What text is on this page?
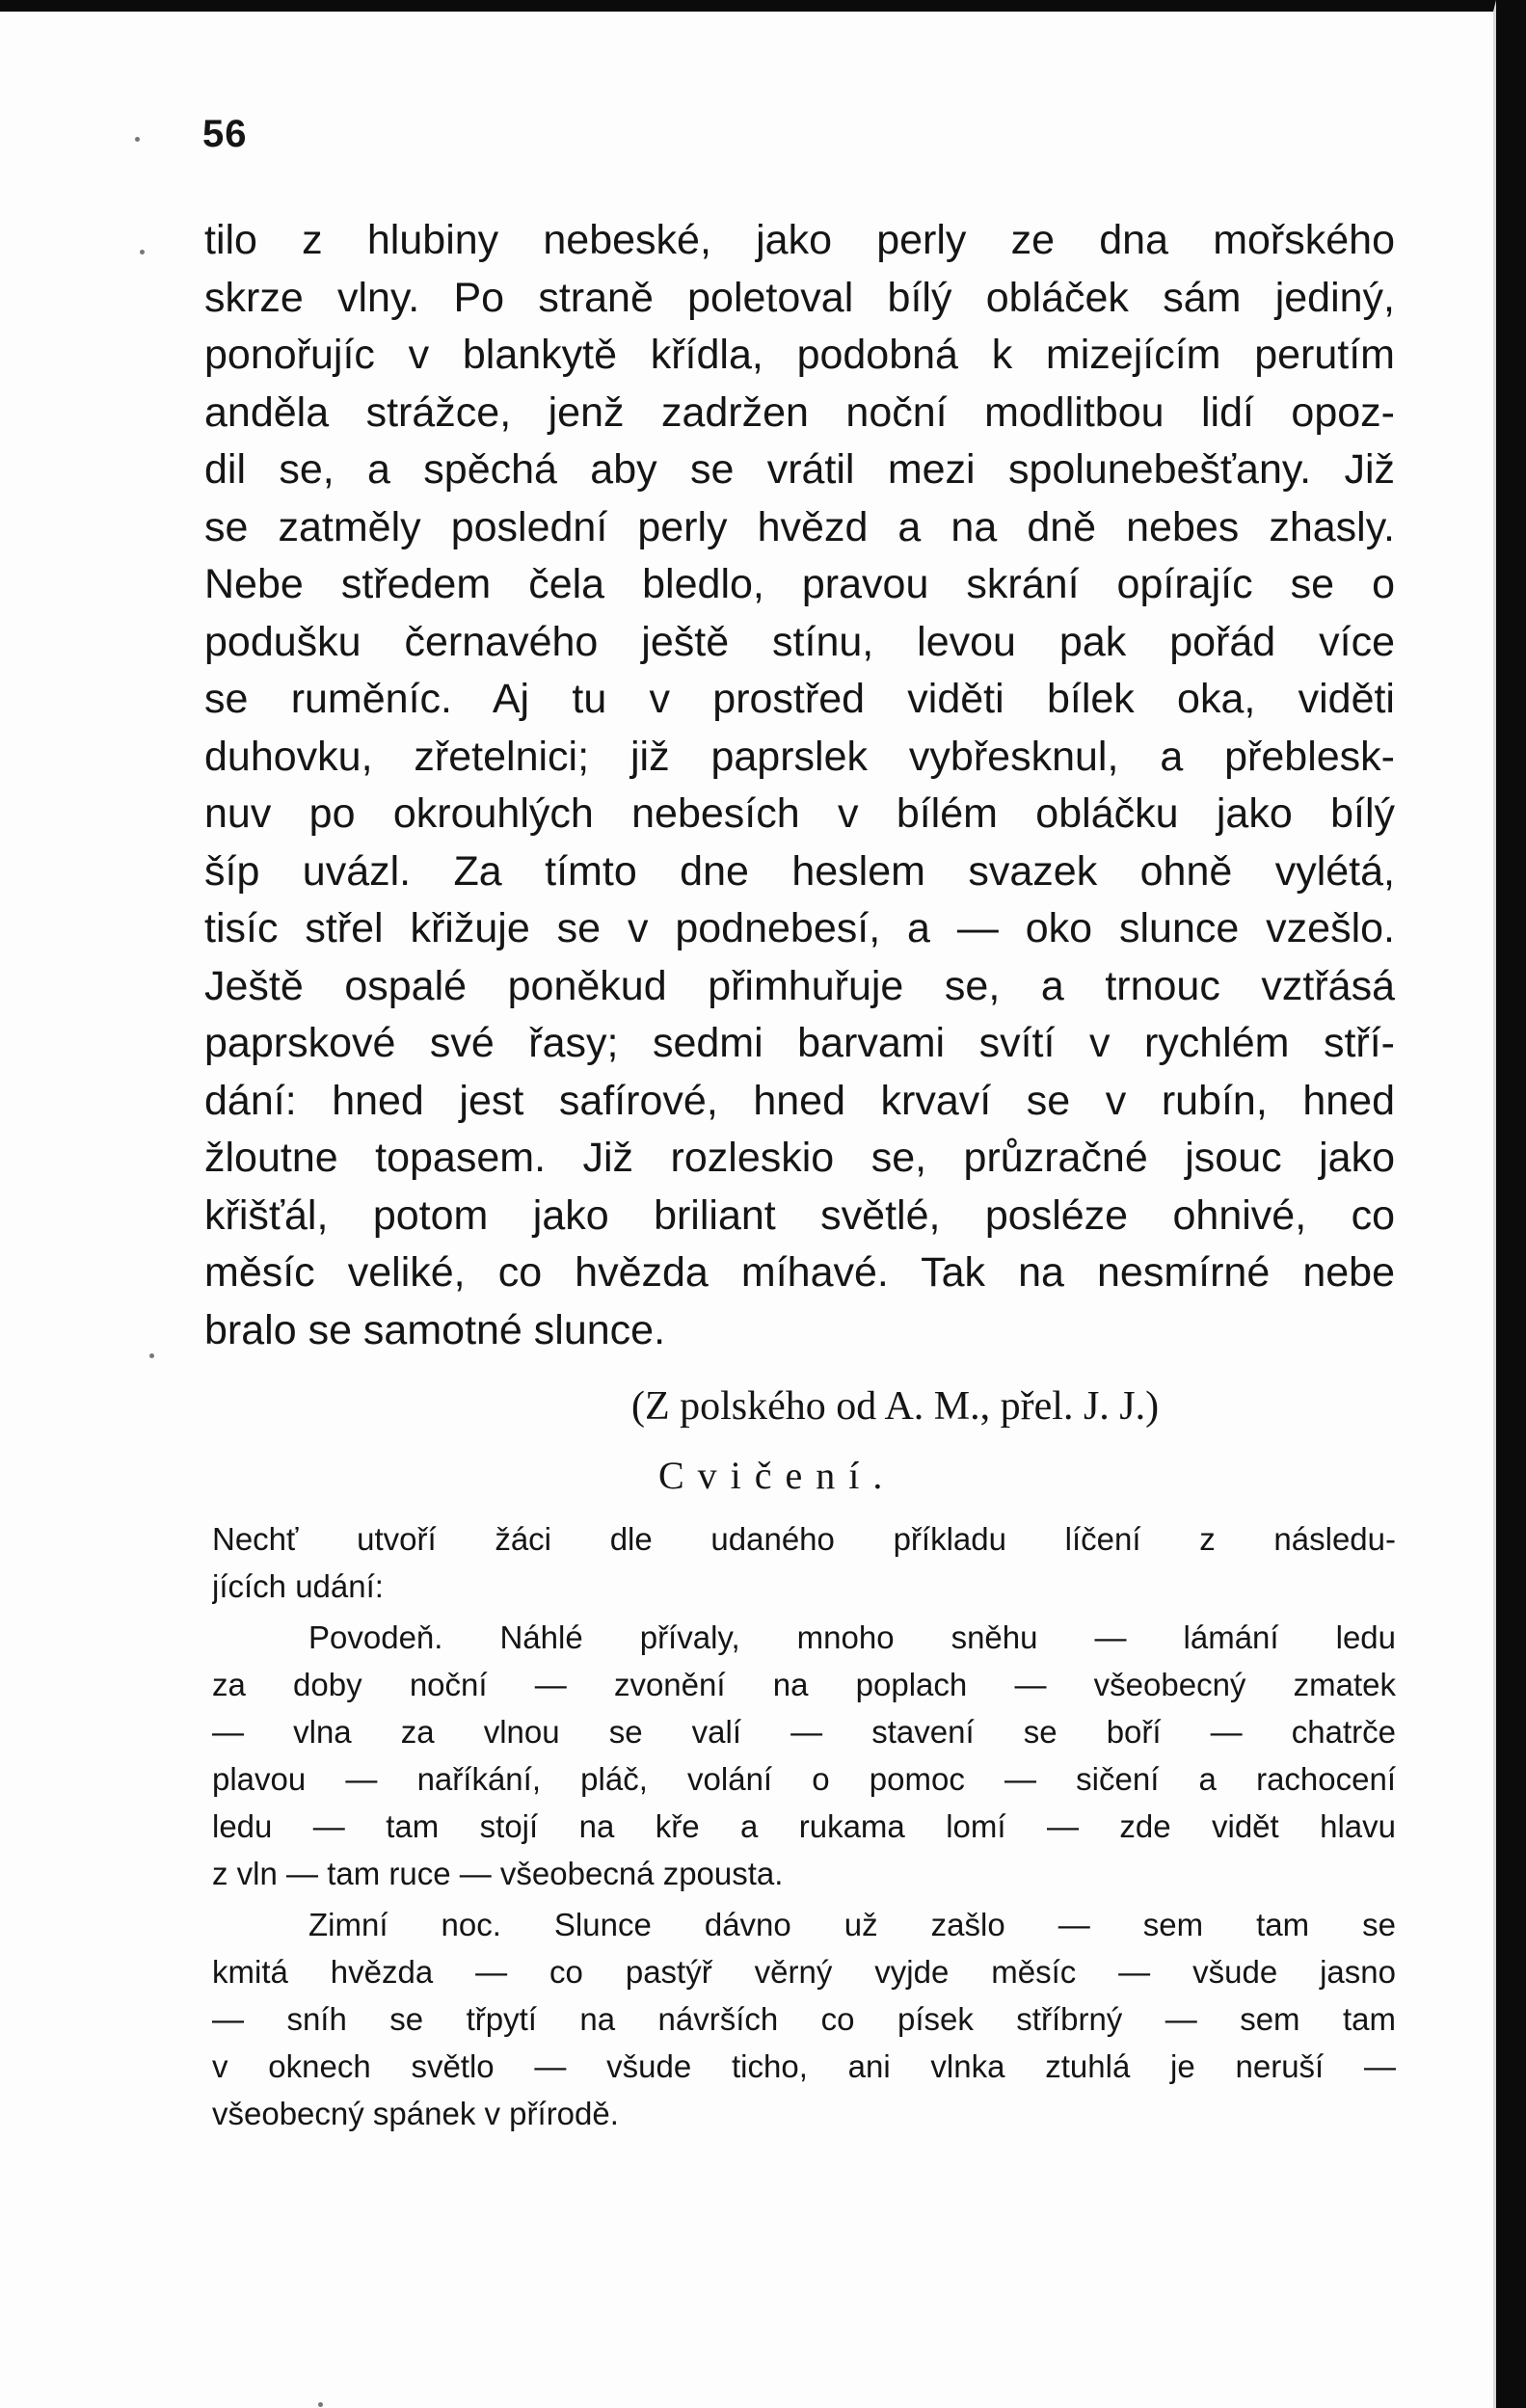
56
tilo z hlubiny nebeské, jako perly ze dna mořského
skrze vlny. Po straně poletoval bílý obláček sám jediný,
ponořujíc v blankytě křídla, podobná k mizejícím perutím
anděla strážce, jenž zadržen noční modlitbou lidí opoz-
dil se, a spěchá aby se vrátil mezi spolunebešťany. Již
se zatměly poslední perly hvězd a na dně nebes zhasly.
Nebe středem čela bledlo, pravou skrání opírajíc se o
podušku černavého ještě stínu, levou pak pořád více
se ruměníc. Aj tu v prostřed viděti bílek oka, viděti
duhovku, zřetelnici; již paprslek vybřesknul, a přeblesk-
nuv po okrouhlých nebesích v bílém obláčku jako bílý
šíp uvázl. Za tímto dne heslem svazek ohně vylétá,
tisíc střel křižuje se v podnebesí, a — oko slunce vzešlo.
Ještě ospalé poněkud přimhuřuje se, a trnouc vztřásá
paprskové své řasy; sedmi barvami svítí v rychlém stří-
dání: hned jest safírové, hned krvaví se v rubín, hned
žloutne topasem. Již rozleskio se, průzračné jsouc jako
křišťál, potom jako briliant světlé, posléze ohnivé, co
měsíc veliké, co hvězda míhavé. Tak na nesmírné nebe
bralo se samotné slunce.
(Z polského od A. M., přel. J. J.)
Cvičení.
Nechť utvoří žáci dle udaného příkladu líčení z následu-
jících udání:
Povodeň. Náhlé přívaly, mnoho sněhu — lámání ledu
za doby noční — zvonění na poplach — všeobecný zmatek
— vlna za vlnou se valí — stavení se boří — chatrče
plavou — naříkání, pláč, volání o pomoc — sičení a rachocení
ledu — tam stojí na kře a rukama lomí — zde vidět hlavu
z vln — tam ruce — všeobecná zpousta.
Zimní noc. Slunce dávno už zašlo — sem tam se
kmitá hvězda — co pastýř věrný vyjde měsíc — všude jasno
— sníh se třpytí na návrších co písek stříbrný — sem tam
v oknech světlo — všude ticho, ani vlnka ztuhlá je neruší —
všeobecný spánek v přírodě.
